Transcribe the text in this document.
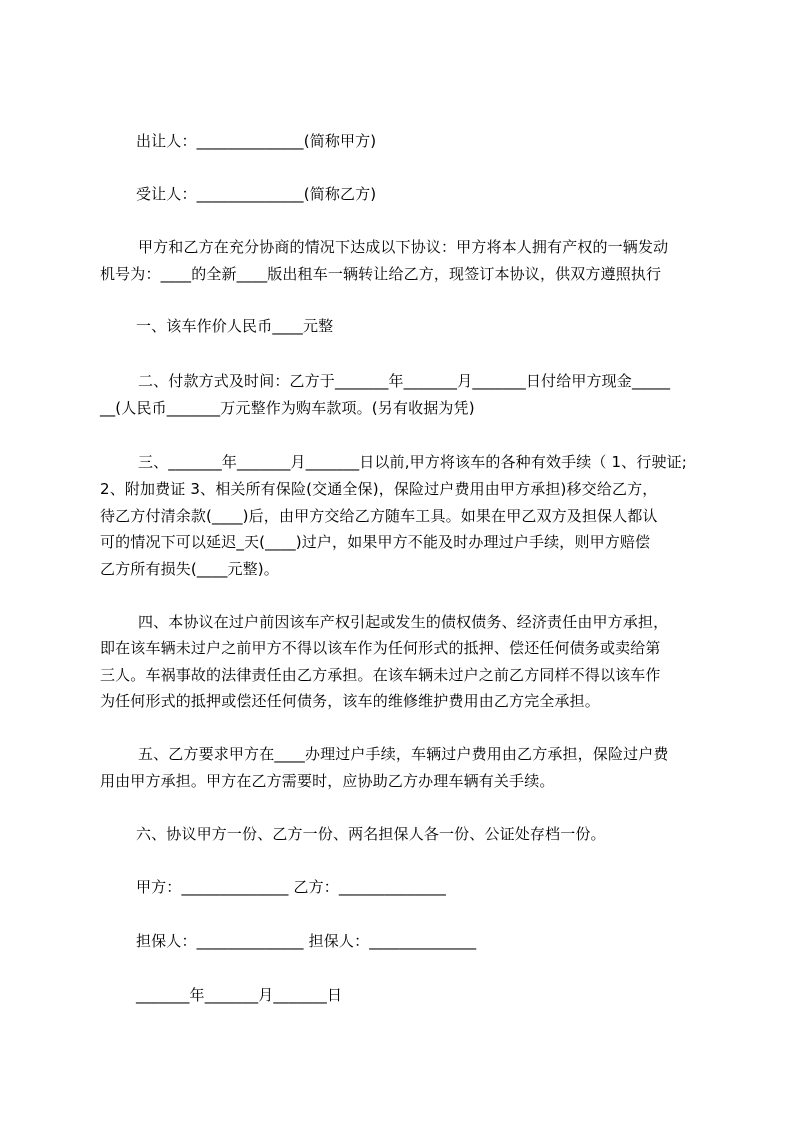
出让人：______________(简称甲方)
受让人：______________(简称乙方)
甲方和乙方在充分协商的情况下达成以下协议：甲方将本人拥有产权的一辆发动
机号为：____的全新____版出租车一辆转让给乙方，现签订本协议，供双方遵照执行
一、该车作价人民币____元整
二、付款方式及时间：乙方于_______年_______月_______日付给甲方现金_____
__(人民币_______万元整作为购车款项。(另有收据为凭)
三、_______年_______月_______日以前,甲方将该车的各种有效手续（ 1、行驶证;
2、附加费证 3、相关所有保险(交通全保)，保险过户费用由甲方承担)移交给乙方，
待乙方付清余款(____)后，由甲方交给乙方随车工具。如果在甲乙双方及担保人都认
可的情况下可以延迟_天(____)过户，如果甲方不能及时办理过户手续，则甲方赔偿
乙方所有损失(____元整)。
四、本协议在过户前因该车产权引起或发生的债权债务、经济责任由甲方承担，
即在该车辆未过户之前甲方不得以该车作为任何形式的抵押、偿还任何债务或卖给第
三人。车祸事故的法律责任由乙方承担。在该车辆未过户之前乙方同样不得以该车作
为任何形式的抵押或偿还任何债务，该车的维修维护费用由乙方完全承担。
五、乙方要求甲方在____办理过户手续，车辆过户费用由乙方承担，保险过户费
用由甲方承担。甲方在乙方需要时，应协助乙方办理车辆有关手续。
六、协议甲方一份、乙方一份、两名担保人各一份、公证处存档一份。
甲方：______________ 乙方：______________
担保人：______________ 担保人：______________
_______年_______月_______日
